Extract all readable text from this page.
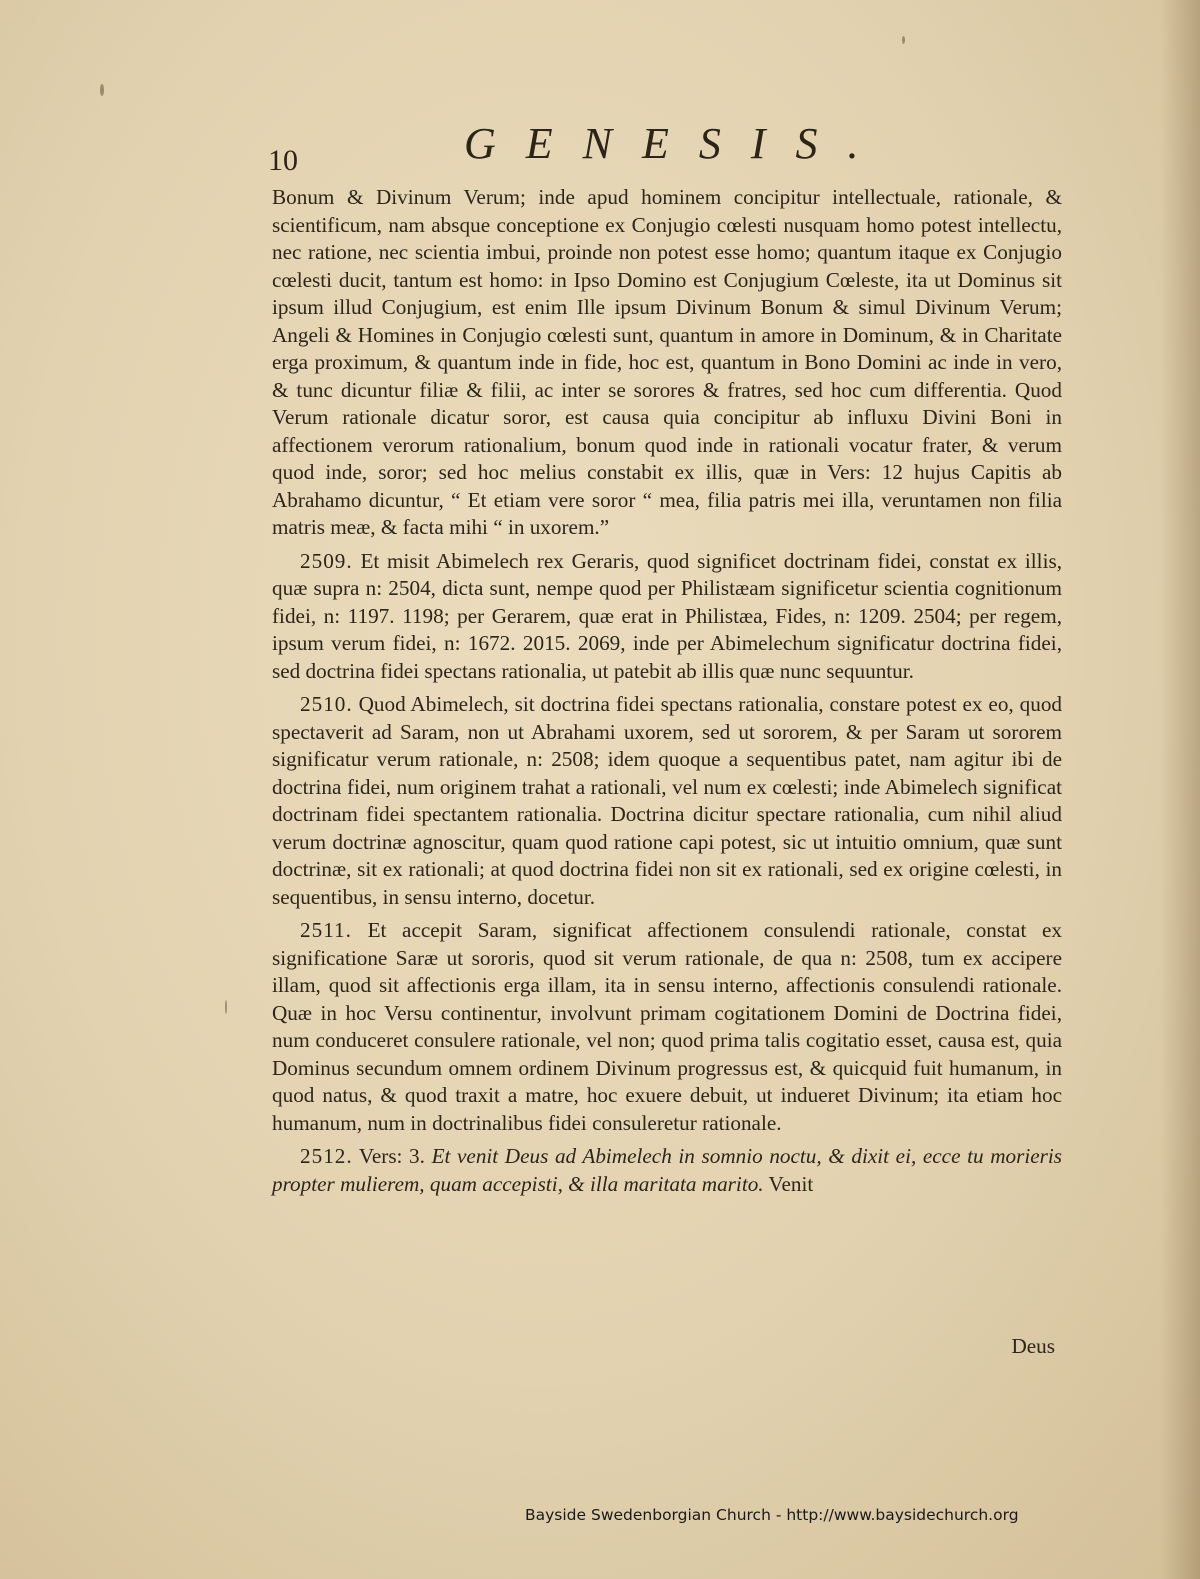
10	GENESIS.

Bonum & Divinum Verum; inde apud hominem concipitur intellectuale, rationale, & scientificum, nam absque conceptione ex Conjugio cœlesti nusquam homo potest intellectu, nec ratione, nec scientia imbui, proinde non potest esse homo; quantum itaque ex Conjugio cœlesti ducit, tantum est homo: in Ipso Domino est Conjugium Cœleste, ita ut Dominus sit ipsum illud Conjugium, est enim Ille ipsum Divinum Bonum & simul Divinum Verum; Angeli & Homines in Conjugio cœlesti sunt, quantum in amore in Dominum, & in Charitate erga proximum, & quantum inde in fide, hoc est, quantum in Bono Domini ac inde in vero, & tunc dicuntur filiæ & filii, ac inter se sorores & fratres, sed hoc cum differentia. Quod Verum rationale dicatur soror, est causa quia concipitur ab influxu Divini Boni in affectionem verorum rationalium, bonum quod inde in rationali vocatur frater, & verum quod inde, soror; sed hoc melius constabit ex illis, quæ in Vers: 12 hujus Capitis ab Abrahamo dicuntur, “ Et etiam vere soror “ mea, filia patris mei illa, veruntamen non filia matris meæ, & facta mihi “ in uxorem.”

2509. Et misit Abimelech rex Geraris, quod significet doctrinam fidei, constat ex illis, quæ supra n: 2504, dicta sunt, nempe quod per Philistæam significetur scientia cognitionum fidei, n: 1197. 1198; per Gerarem, quæ erat in Philistæa, Fides, n: 1209. 2504; per regem, ipsum verum fidei, n: 1672. 2015. 2069, inde per Abimelechum significatur doctrina fidei, sed doctrina fidei spectans rationalia, ut patebit ab illis quæ nunc sequuntur.

2510. Quod Abimelech, sit doctrina fidei spectans rationalia, constare potest ex eo, quod spectaverit ad Saram, non ut Abrahami uxorem, sed ut sororem, & per Saram ut sororem significatur verum rationale, n: 2508; idem quoque a sequentibus patet, nam agitur ibi de doctrina fidei, num originem trahat a rationali, vel num ex cœlesti; inde Abimelech significat doctrinam fidei spectantem rationalia. Doctrina dicitur spectare rationalia, cum nihil aliud verum doctrinæ agnoscitur, quam quod ratione capi potest, sic ut intuitio omnium, quæ sunt doctrinæ, sit ex rationali; at quod doctrina fidei non sit ex rationali, sed ex origine cœlesti, in sequentibus, in sensu interno, docetur.

2511. Et accepit Saram, significat affectionem consulendi rationale, constat ex significatione Saræ ut sororis, quod sit verum rationale, de qua n: 2508, tum ex accipere illam, quod sit affectionis erga illam, ita in sensu interno, affectionis consulendi rationale. Quæ in hoc Versu continentur, involvunt primam cogitationem Domini de Doctrina fidei, num conduceret consulere rationale, vel non; quod prima talis cogitatio esset, causa est, quia Dominus secundum omnem ordinem Divinum progressus est, & quicquid fuit humanum, in quod natus, & quod traxit a matre, hoc exuere debuit, ut indueret Divinum; ita etiam hoc humanum, num in doctrinalibus fidei consuleretur rationale.

2512. Vers: 3. Et venit Deus ad Abimelech in somnio noctu, & dixit ei, ecce tu morieris propter mulierem, quam accepisti, & illa maritata marito. Venit

Deus
Bayside Swedenborgian Church - http://www.baysidechurch.org
